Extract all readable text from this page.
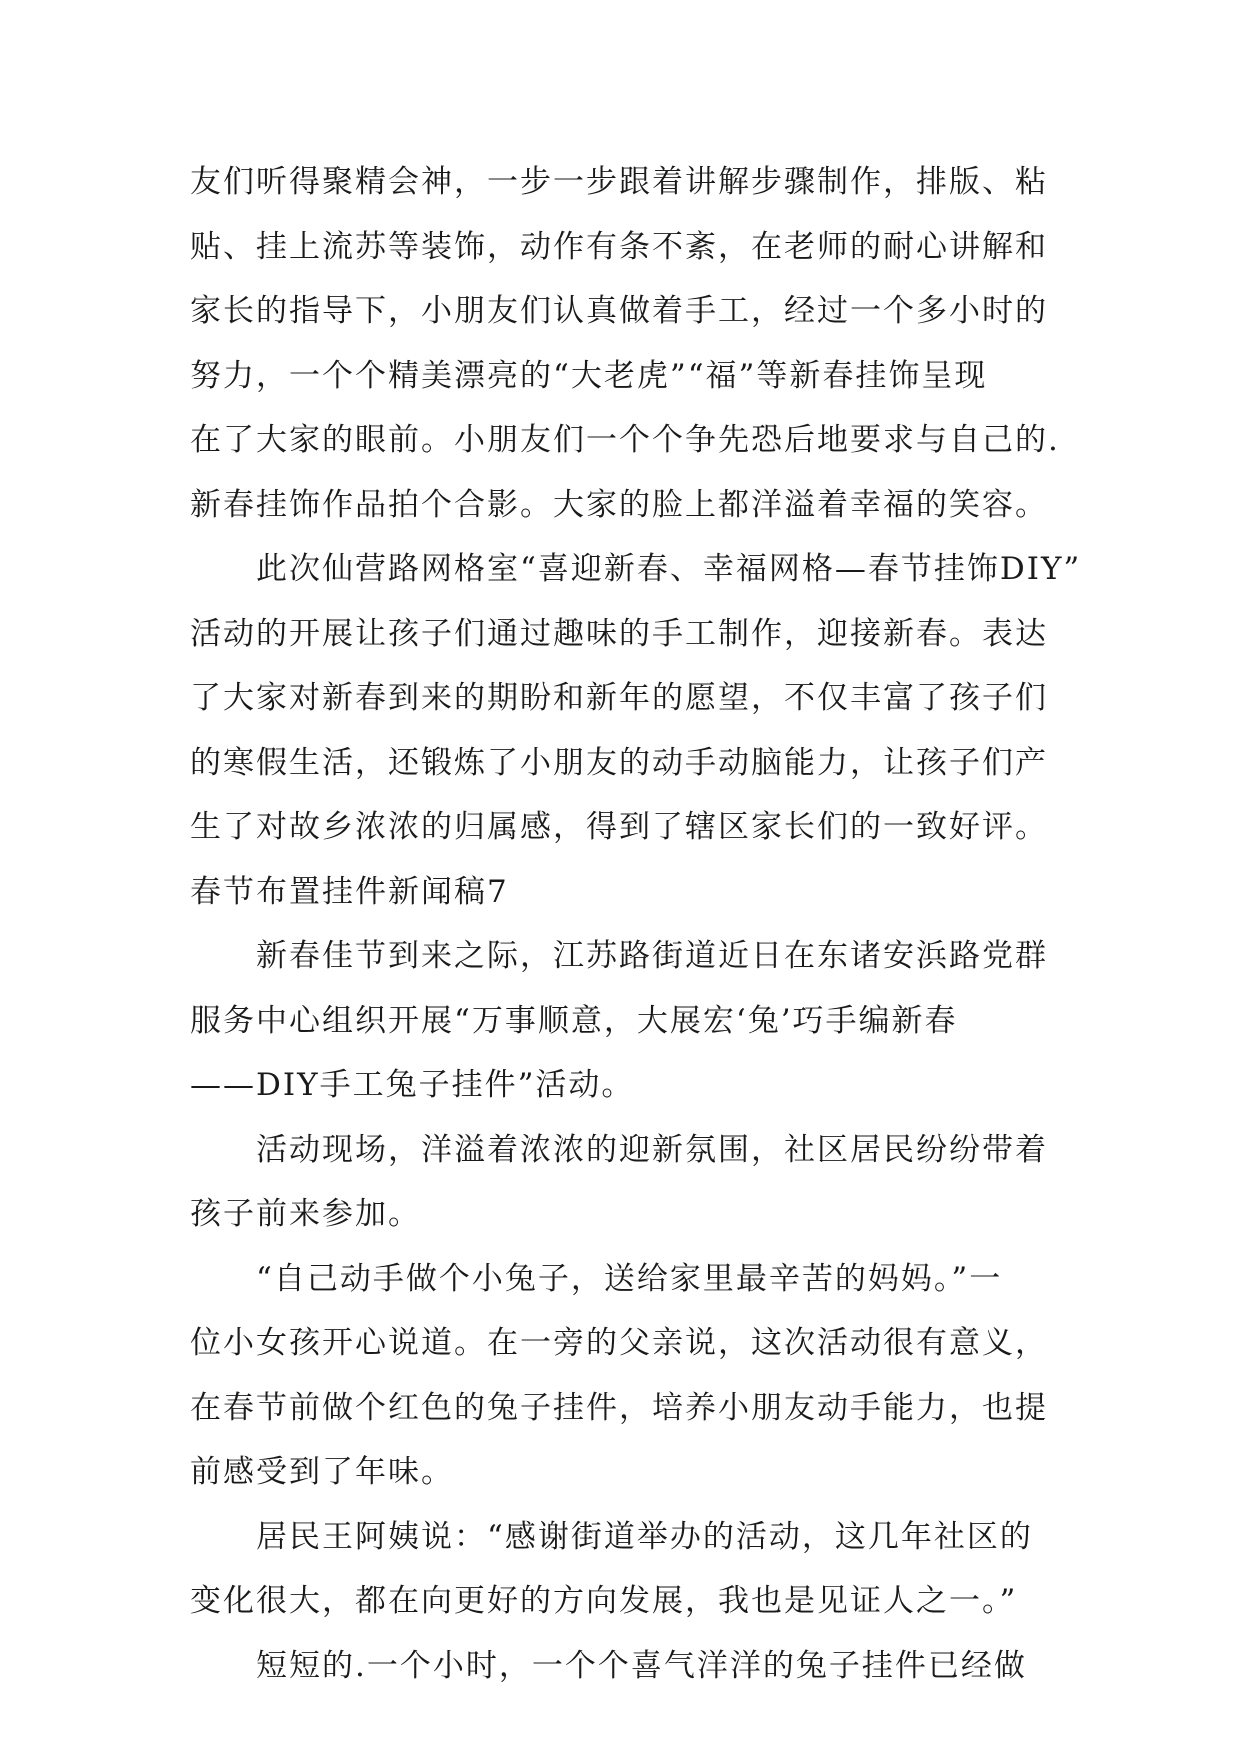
友们听得聚精会神，一步一步跟着讲解步骤制作，排版、粘
贴、挂上流苏等装饰，动作有条不紊，在老师的耐心讲解和
家长的指导下，小朋友们认真做着手工，经过一个多小时的
努力，一个个精美漂亮的“大老虎”“福”等新春挂饰呈现
在了大家的眼前。小朋友们一个个争先恐后地要求与自己的.
新春挂饰作品拍个合影。大家的脸上都洋溢着幸福的笑容。
此次仙营路网格室“喜迎新春、幸福网格—春节挂饰DIY”
活动的开展让孩子们通过趣味的手工制作，迎接新春。表达
了大家对新春到来的期盼和新年的愿望，不仅丰富了孩子们
的寒假生活，还锻炼了小朋友的动手动脑能力，让孩子们产
生了对故乡浓浓的归属感，得到了辖区家长们的一致好评。
春节布置挂件新闻稿7
新春佳节到来之际，江苏路街道近日在东诸安浜路党群
服务中心组织开展“万事顺意，大展宏‘兔’巧手编新春
——DIY手工兔子挂件”活动。
活动现场，洋溢着浓浓的迎新氛围，社区居民纷纷带着
孩子前来参加。
“自己动手做个小兔子，送给家里最辛苦的妈妈。”一
位小女孩开心说道。在一旁的父亲说，这次活动很有意义，
在春节前做个红色的兔子挂件，培养小朋友动手能力，也提
前感受到了年味。
居民王阿姨说：“感谢街道举办的活动，这几年社区的
变化很大，都在向更好的方向发展，我也是见证人之一。”
短短的.一个小时，一个个喜气洋洋的兔子挂件已经做
